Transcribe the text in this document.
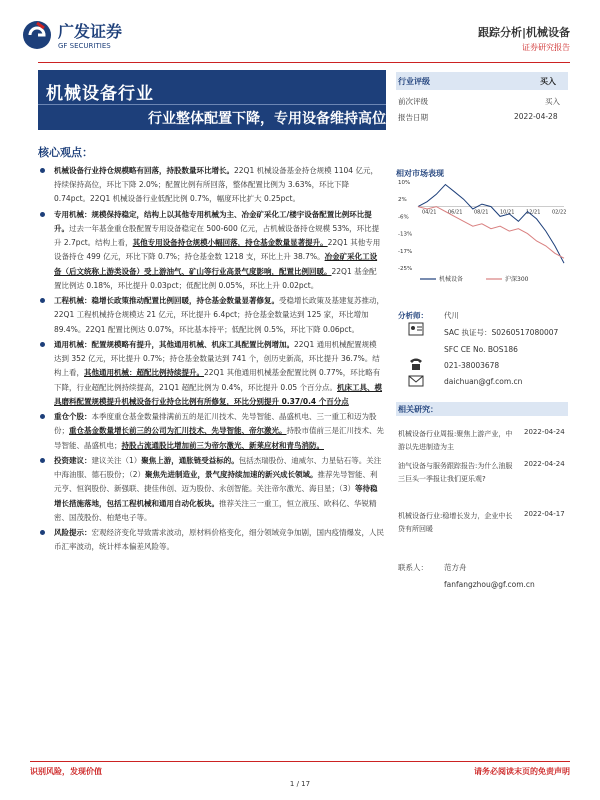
广发证券
GF SECURITIES
跟踪分析|机械设备
证券研究报告
机械设备行业
行业整体配置下降，专用设备维持高位
核心观点：
机械设备行业持仓规模略有回落，持股数量环比增长。22Q1 机械设备基金持仓规模 1104 亿元，持续保持高位，环比下降 2.0%；配置比例有所回落，整体配置比例为 3.63%，环比下降 0.74pct。22Q1 机械设备行业低配比例 0.7%，幅度环比扩大 0.25pct。
专用机械：规模保持稳定，结构上以其他专用机械为主、冶金矿采化工/楼宇设备配置比例环比提升。过去一年基金重仓股配置专用设备稳定在 500-600 亿元，占机械设备持仓规模 53%，环比提升 2.7pct。结构上看，其他专用设备持仓规模小幅回落，持仓基金数量显著提升。22Q1 其他专用设备持仓 499 亿元，环比下降 0.7%；持仓基金数 1218 支，环比上升 38.7%。冶金矿采化工设备（后文统称上游类设备）受上游油气、矿山等行业高景气度影响，配置比例回暖。22Q1 基金配置比例达 0.18%，环比提升 0.03pct；低配比例 0.05%，环比上升 0.02pct。
工程机械：稳增长政策推动配置比例回暖，持仓基金数量显著修复。受稳增长政策及基建复苏推动，22Q1 工程机械持仓规模达 21 亿元，环比提升 6.4pct；持仓基金数量达到 125 家，环比增加 89.4%。22Q1 配置比例达 0.07%，环比基本持平；低配比例 0.5%，环比下降 0.06pct。
通用机械：配置规模略有提升，其他通用机械、机床工具配置比例增加。22Q1 通用机械配置规模达到 352 亿元，环比提升 0.7%；持仓基金数量达到 741 个，创历史新高，环比提升 36.7%。结构上看，其他通用机械：超配比例持续提升。22Q1 其他通用机械基金配置比例 0.77%，环比略有下降，行业超配比例持续提高，21Q1 超配比例为 0.4%，环比提升 0.05 个百分点。机床工具、模具磨料配置规模提升机械设备行业持仓比例有所修复，环比分别提升 0.37/0.4 个百分点
重仓个股：本季度重仓基金数量排满前五的是汇川技术、先导智能、晶盛机电、三一重工和迈为股份；重仓基金数量增长前三的公司为汇川技术、先导智能、帝尔激光。持股市值前三是汇川技术、先导智能、晶盛机电；持股占流通股比增加前三为帝尔激光、新莱应材和青鸟消防。
投资建议：建议关注（1）聚焦上游，通胀链受益标的。包括杰瑞股份、迪威尔、力星钻石等。关注中海油服、德石股份；（2）聚焦先进制造业，景气度持续加速的新兴成长领域。推荐先导智能、利元亨、恒润股份、新强联、捷佳伟创、迈为股份、永创智能。关注帝尔激光、海目星；（3）等待稳增长措施落地，包括工程机械和通用自动化板块。推荐关注三一重工，恒立液压、欧科亿、华锐精密、国茂股份、柏楚电子等。
风险提示：宏观经济变化导致需求波动，原材料价格变化，细分领域竞争加剧，国内疫情爆发，人民币汇率波动，统计样本偏差风险等。
行业评级	买入
前次评级	买入
报告日期	2022-04-28
相对市场表现
10%
2%
-6%
-13%
-17%
-25%
04/21 06/21 08/21 10/21 12/21 02/22
机械设备	沪深300
分析师： 代川
SAC 执证号：S0260517080007
SFC CE No. BOS186
021-38003678
daichuan@gf.com.cn
相关研究：
机械设备行业周报:聚焦上游产业，中游以先进制造为主
2022-04-24
油气设备与服务跟踪报告:为什么油服三巨头一季报让我们更乐观?
2022-04-24
机械设备行业:稳增长发力，企业中长贷有所回暖
2022-04-17
联系人： 范方舟
fanfangzhou@gf.com.cn
识别风险，发现价值	请务必阅读末页的免责声明
1 / 17
